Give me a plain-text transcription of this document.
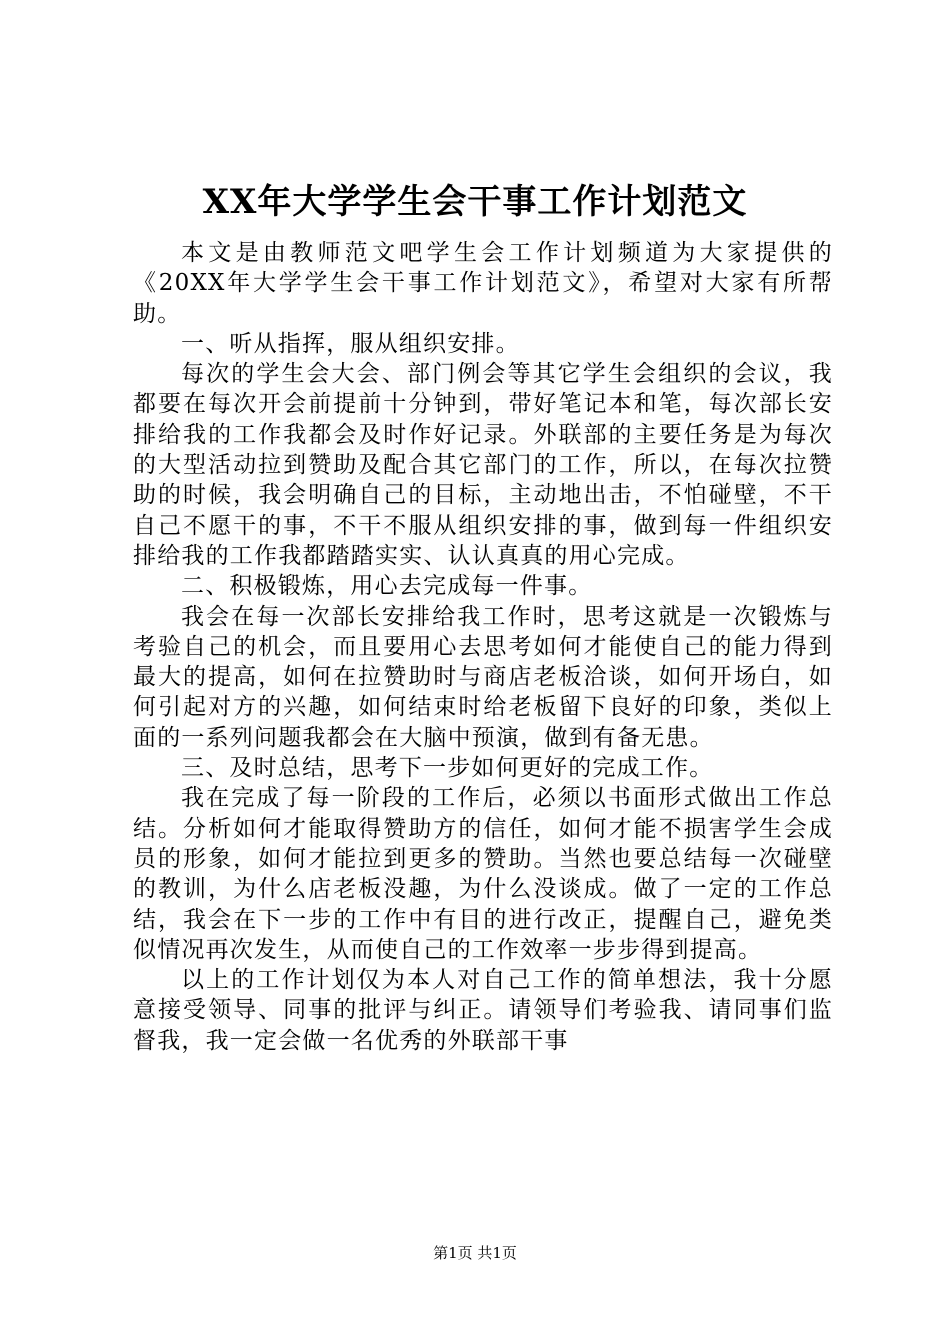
XX年大学学生会干事工作计划范文

本文是由教师范文吧学生会工作计划频道为大家提供的《20XX年大学学生会干事工作计划范文》，希望对大家有所帮助。

一、听从指挥，服从组织安排。

每次的学生会大会、部门例会等其它学生会组织的会议，我都要在每次开会前提前十分钟到，带好笔记本和笔，每次部长安排给我的工作我都会及时作好记录。外联部的主要任务是为每次的大型活动拉到赞助及配合其它部门的工作，所以，在每次拉赞助的时候，我会明确自己的目标，主动地出击，不怕碰壁，不干自己不愿干的事，不干不服从组织安排的事，做到每一件组织安排给我的工作我都踏踏实实、认认真真的用心完成。

二、积极锻炼，用心去完成每一件事。

我会在每一次部长安排给我工作时，思考这就是一次锻炼与考验自己的机会，而且要用心去思考如何才能使自己的能力得到最大的提高，如何在拉赞助时与商店老板洽谈，如何开场白，如何引起对方的兴趣，如何结束时给老板留下良好的印象，类似上面的一系列问题我都会在大脑中预演，做到有备无患。

三、及时总结，思考下一步如何更好的完成工作。

我在完成了每一阶段的工作后，必须以书面形式做出工作总结。分析如何才能取得赞助方的信任，如何才能不损害学生会成员的形象，如何才能拉到更多的赞助。当然也要总结每一次碰壁的教训，为什么店老板没趣，为什么没谈成。做了一定的工作总结，我会在下一步的工作中有目的进行改正，提醒自己，避免类似情况再次发生，从而使自己的工作效率一步步得到提高。

以上的工作计划仅为本人对自己工作的简单想法，我十分愿意接受领导、同事的批评与纠正。请领导们考验我、请同事们监督我，我一定会做一名优秀的外联部干事

第1页 共1页
